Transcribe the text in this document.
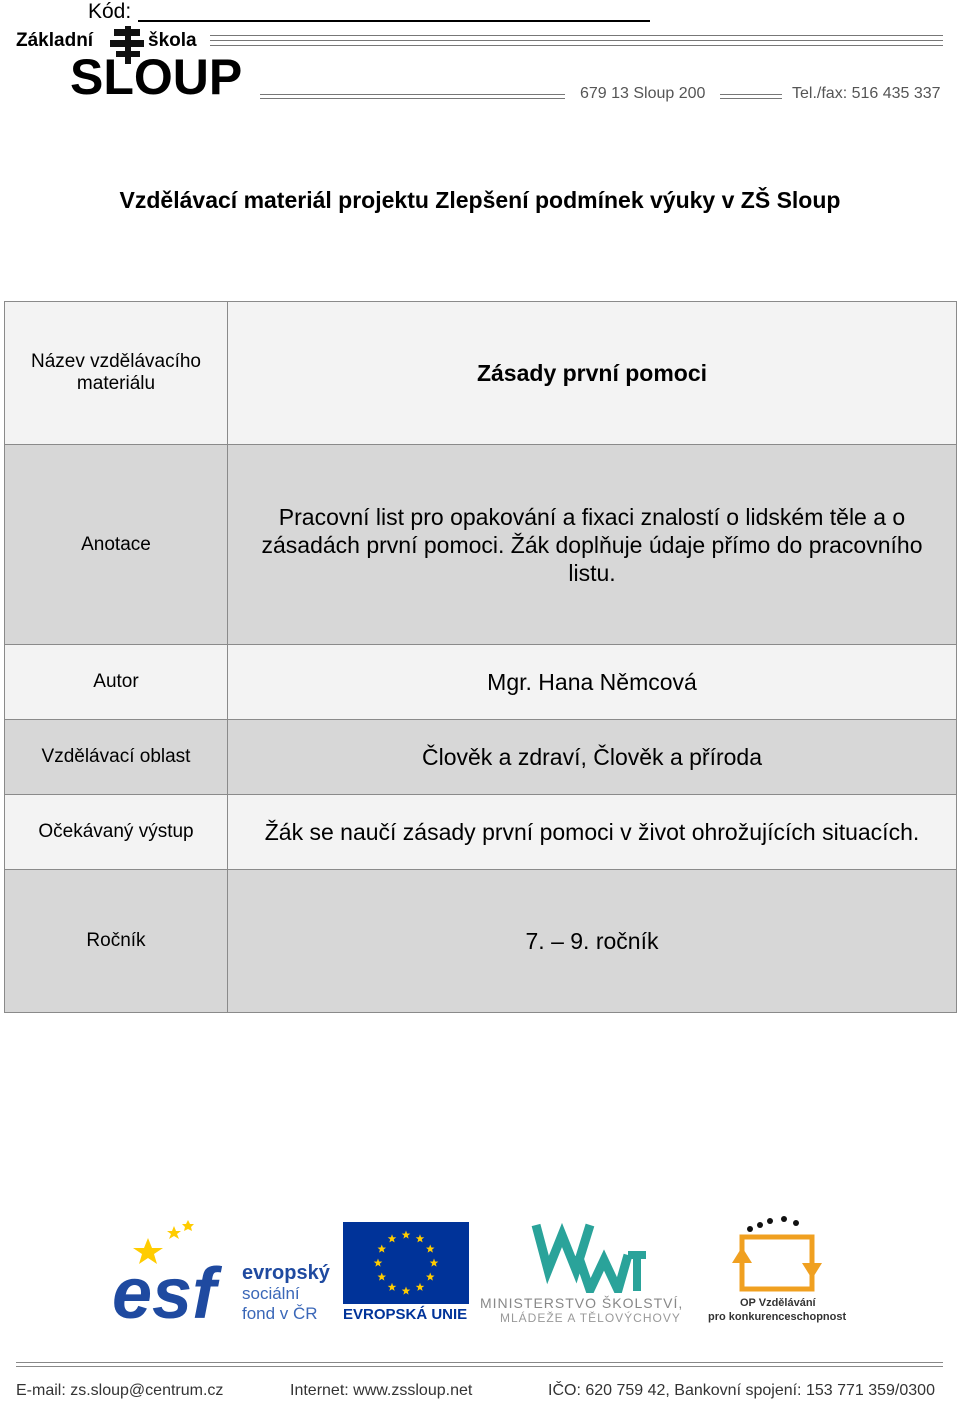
Kód:
Základní	škola
SLOUP	679 13 Sloup 200	Tel./fax: 516 435 337
Vzdělávací materiál projektu Zlepšení podmínek výuky v ZŠ Sloup
Název vzdělávacího materiálu	Zásady první pomoci
Anotace	Pracovní list pro opakování a fixaci znalostí o lidském těle a o zásadách první pomoci. Žák doplňuje údaje přímo do pracovního listu.
Autor	Mgr. Hana Němcová
Vzdělávací oblast	Člověk a zdraví, Člověk a příroda
Očekávaný výstup	Žák se naučí zásady první pomoci v život ohrožujících situacích.
Ročník	7. – 9. ročník
esf	evropský
sociální
fond v ČR EVROPSKÁ UNIE
MINISTERSTVO ŠKOLSTVÍ,
MLÁDEŽE A TĚLOVÝCHOVY
OP Vzdělávání
pro konkurenceschopnost
E-mail: zs.sloup@centrum.cz	Internet: www.zssloup.net	IČO: 620 759 42, Bankovní spojení: 153 771 359/0300
